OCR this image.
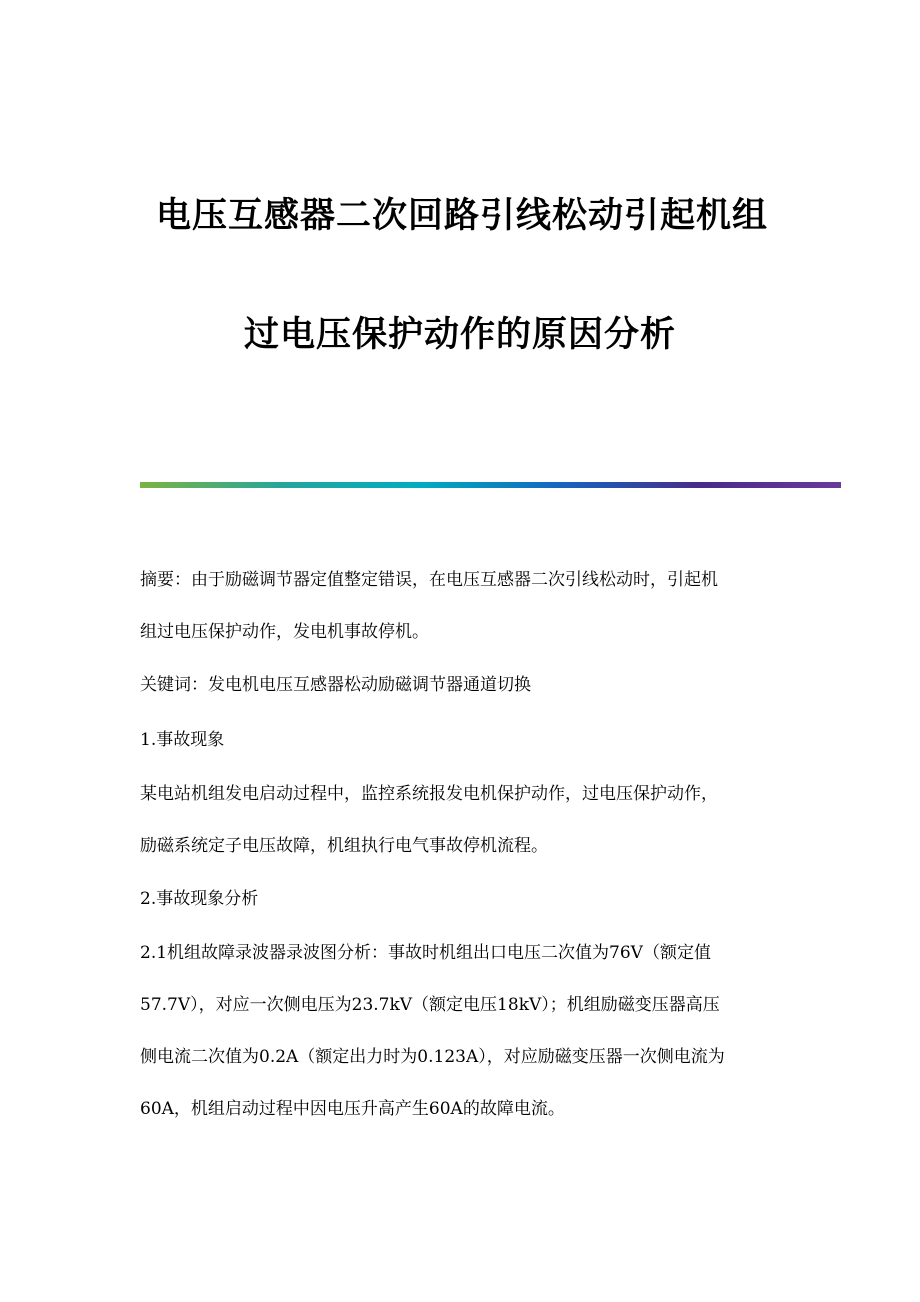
电压互感器二次回路引线松动引起机组
过电压保护动作的原因分析
摘要：由于励磁调节器定值整定错误，在电压互感器二次引线松动时，引起机
组过电压保护动作，发电机事故停机。
关键词：发电机电压互感器松动励磁调节器通道切换
1.事故现象
某电站机组发电启动过程中，监控系统报发电机保护动作，过电压保护动作，
励磁系统定子电压故障，机组执行电气事故停机流程。
2.事故现象分析
2.1机组故障录波器录波图分析：事故时机组出口电压二次值为76V（额定值
57.7V），对应一次侧电压为23.7kV（额定电压18kV）；机组励磁变压器高压
侧电流二次值为0.2A（额定出力时为0.123A），对应励磁变压器一次侧电流为
60A，机组启动过程中因电压升高产生60A的故障电流。
